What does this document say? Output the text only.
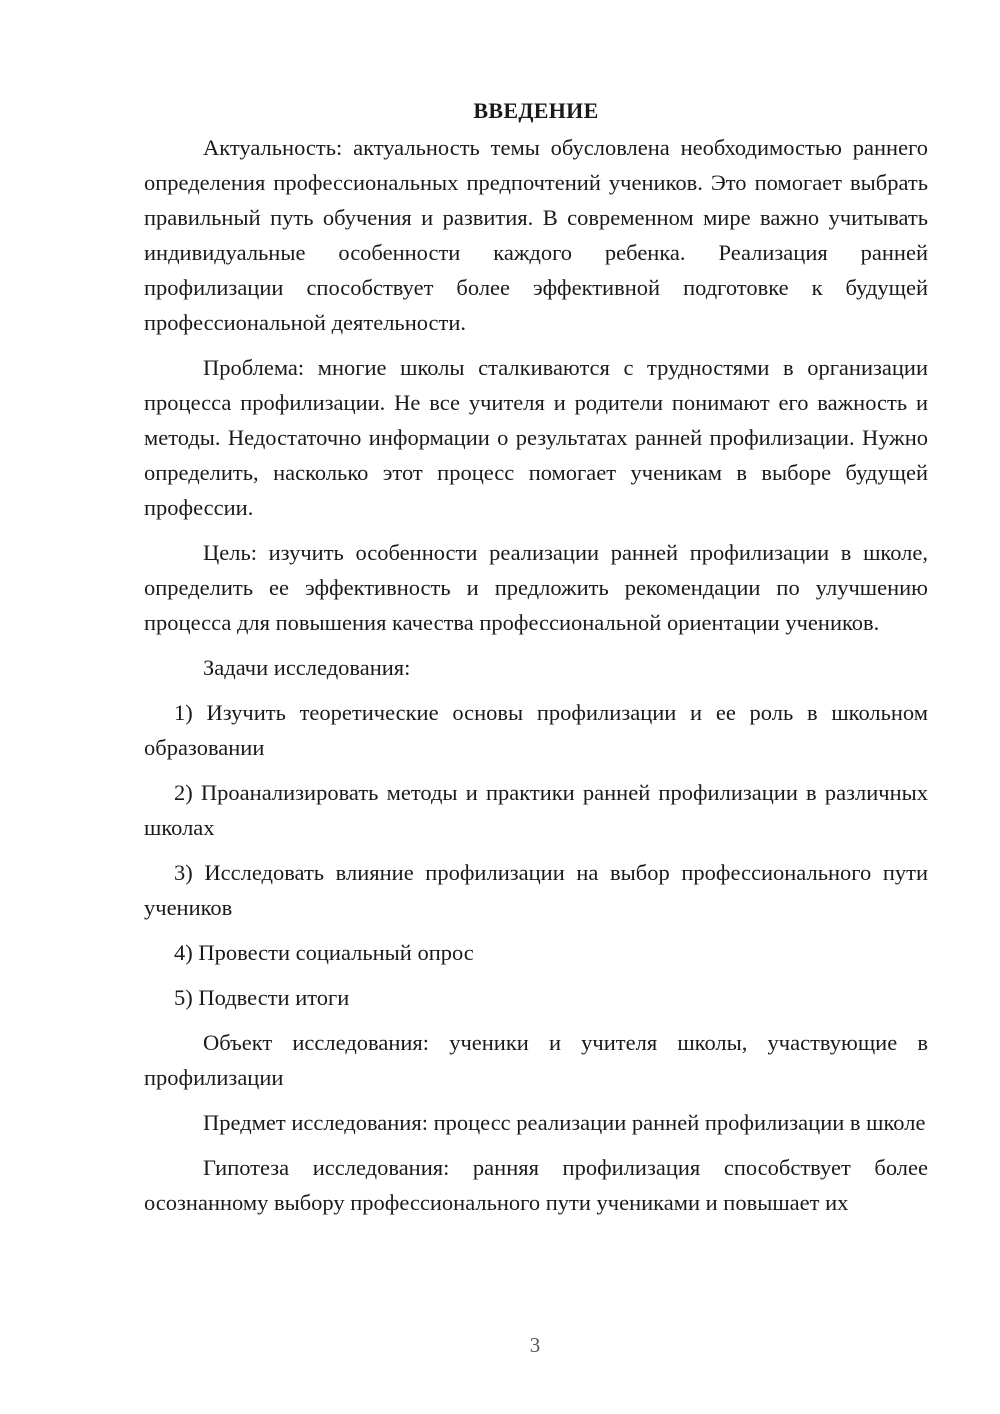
ВВЕДЕНИЕ

Актуальность: актуальность темы обусловлена необходимостью раннего определения профессиональных предпочтений учеников. Это помогает выбрать правильный путь обучения и развития. В современном мире важно учитывать индивидуальные особенности каждого ребенка. Реализация ранней профилизации способствует более эффективной подготовке к будущей профессиональной деятельности.

Проблема: многие школы сталкиваются с трудностями в организации процесса профилизации. Не все учителя и родители понимают его важность и методы. Недостаточно информации о результатах ранней профилизации. Нужно определить, насколько этот процесс помогает ученикам в выборе будущей профессии.

Цель: изучить особенности реализации ранней профилизации в школе, определить ее эффективность и предложить рекомендации по улучшению процесса для повышения качества профессиональной ориентации учеников.

Задачи исследования:

1) Изучить теоретические основы профилизации и ее роль в школьном образовании

2) Проанализировать методы и практики ранней профилизации в различных школах

3) Исследовать влияние профилизации на выбор профессионального пути учеников

4) Провести социальный опрос

5) Подвести итоги

Объект исследования: ученики и учителя школы, участвующие в профилизации

Предмет исследования: процесс реализации ранней профилизации в школе

Гипотеза исследования: ранняя профилизация способствует более осознанному выбору профессионального пути учениками и повышает их

3
